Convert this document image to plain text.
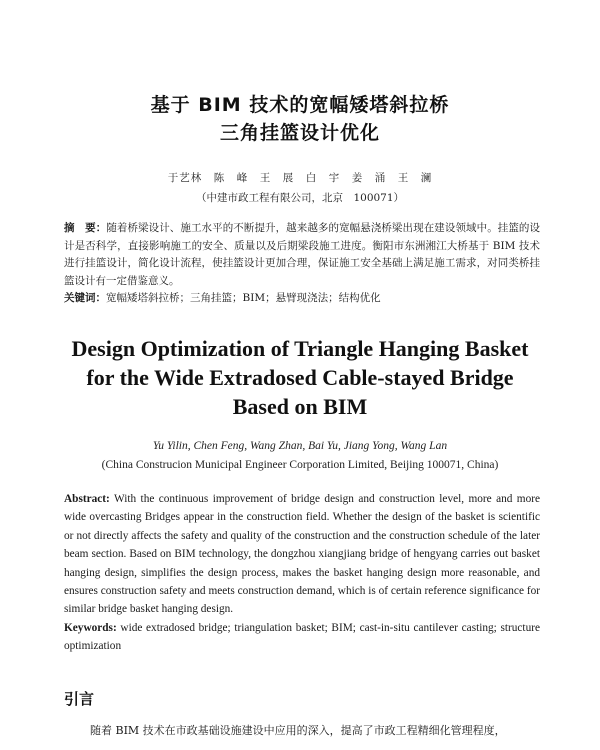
基于 BIM 技术的宽幅矮塔斜拉桥
三角挂篮设计优化
于艺林　陈　峰　王　展　白　宇　姜　涌　王　澜
（中建市政工程有限公司，北京　100071）
摘　要：随着桥梁设计、施工水平的不断提升，越来越多的宽幅悬浇桥梁出现在建设领域中。挂篮的设计是否科学，直接影响施工的安全、质量以及后期梁段施工进度。衡阳市东洲湘江大桥基于 BIM 技术进行挂篮设计，简化设计流程，使挂篮设计更加合理，保证施工安全基础上满足施工需求，对同类桥挂篮设计有一定借鉴意义。
关键词：宽幅矮塔斜拉桥；三角挂篮；BIM；悬臂现浇法；结构优化
Design Optimization of Triangle Hanging Basket
for the Wide Extradosed Cable-stayed Bridge
Based on BIM
Yu Yilin, Chen Feng, Wang Zhan, Bai Yu, Jiang Yong, Wang Lan
(China Construcion Municipal Engineer Corporation Limited, Beijing 100071, China)
Abstract: With the continuous improvement of bridge design and construction level, more and more wide overcasting Bridges appear in the construction field. Whether the design of the basket is scientific or not directly affects the safety and quality of the construction and the construction schedule of the later beam section. Based on BIM technology, the dongzhou xiangjiang bridge of hengyang carries out basket hanging design, simplifies the design process, makes the basket hanging design more reasonable, and ensures construction safety and meets construction demand, which is of certain reference significance for similar bridge basket hanging design.
Keywords: wide extradosed bridge; triangulation basket; BIM; cast-in-situ cantilever casting; structure optimization
引言
随着 BIM 技术在市政基础设施建设中应用的深入，提高了市政工程精细化管理程度，
